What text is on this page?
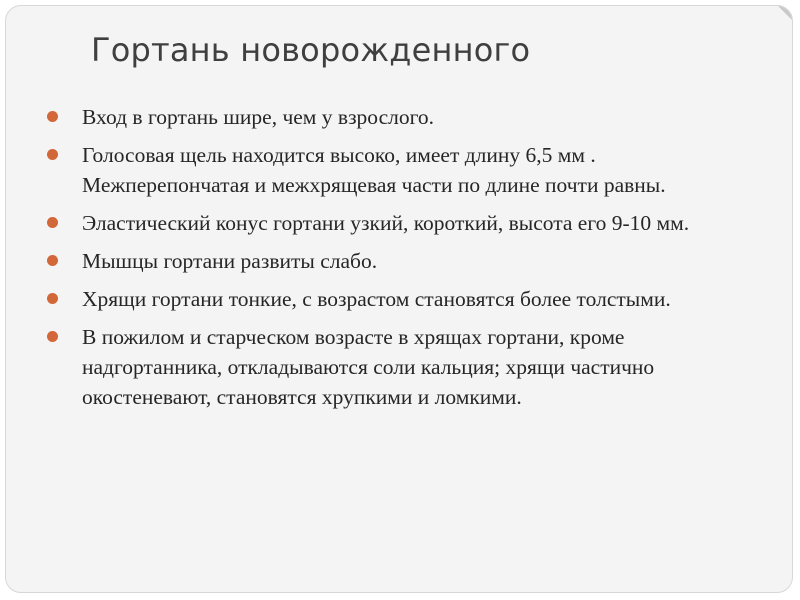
Гортань новорожденного
Вход в гортань шире, чем у взрослого.
Голосовая щель находится высоко, имеет длину 6,5 мм . Межперепончатая и межхрящевая части по длине почти равны.
Эластический конус гортани узкий, короткий, высота его 9-10 мм.
Мышцы гортани развиты слабо.
Хрящи гортани тонкие, с возрастом становятся более толстыми.
В пожилом и старческом возрасте в хрящах гортани, кроме надгортанника, откладываются соли кальция; хрящи частично окостеневают, становятся хрупкими и ломкими.
